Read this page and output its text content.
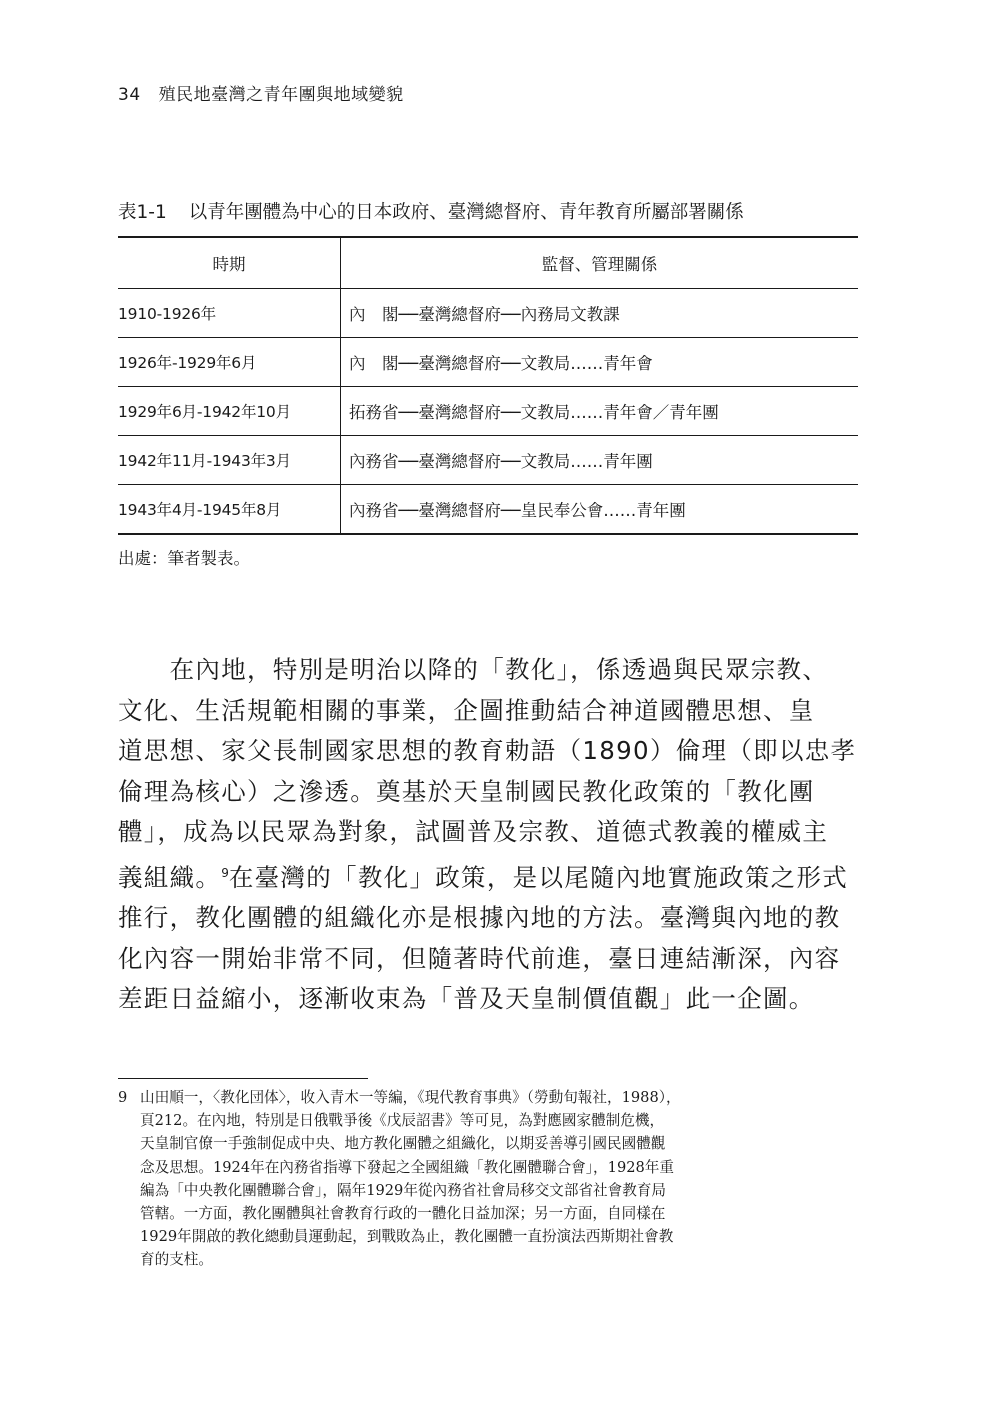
34 殖民地臺灣之青年團與地域變貌
表1-1 以青年團體為中心的日本政府、臺灣總督府、青年教育所屬部署關係
時期	監督、管理關係
1910-1926年	內　閣──臺灣總督府──內務局文教課
1926年-1929年6月	內　閣──臺灣總督府──文教局……青年會
1929年6月-1942年10月	拓務省──臺灣總督府──文教局……青年會／青年團
1942年11月-1943年3月	內務省──臺灣總督府──文教局……青年團
1943年4月-1945年8月	內務省──臺灣總督府──皇民奉公會……青年團
出處：筆者製表。
　　在內地，特別是明治以降的「教化」，係透過與民眾宗教、
文化、生活規範相關的事業，企圖推動結合神道國體思想、皇
道思想、家父長制國家思想的教育勅語（1890）倫理（即以忠孝
倫理為核心）之滲透。奠基於天皇制國民教化政策的「教化團
體」，成為以民眾為對象，試圖普及宗教、道德式教義的權威主
義組織。$^9$在臺灣的「教化」政策，是以尾隨內地實施政策之形式
推行，教化團體的組織化亦是根據內地的方法。臺灣與內地的教
化內容一開始非常不同，但隨著時代前進，臺日連結漸深，內容
差距日益縮小，逐漸收束為「普及天皇制價值觀」此一企圖。
9 山田順一，〈教化団体〉，收入青木一等編，《現代教育事典》（勞動旬報社，1988），
頁212。在內地，特別是日俄戰爭後《戊辰詔書》等可見，為對應國家體制危機，
天皇制官僚一手強制促成中央、地方教化團體之組織化，以期妥善導引國民國體觀
念及思想。1924年在內務省指導下發起之全國組織「教化團體聯合會」，1928年重
編為「中央教化團體聯合會」，隔年1929年從內務省社會局移交文部省社會教育局
管轄。一方面，教化團體與社會教育行政的一體化日益加深；另一方面，自同樣在
1929年開啟的教化總動員運動起，到戰敗為止，教化團體一直扮演法西斯期社會教
育的支柱。
